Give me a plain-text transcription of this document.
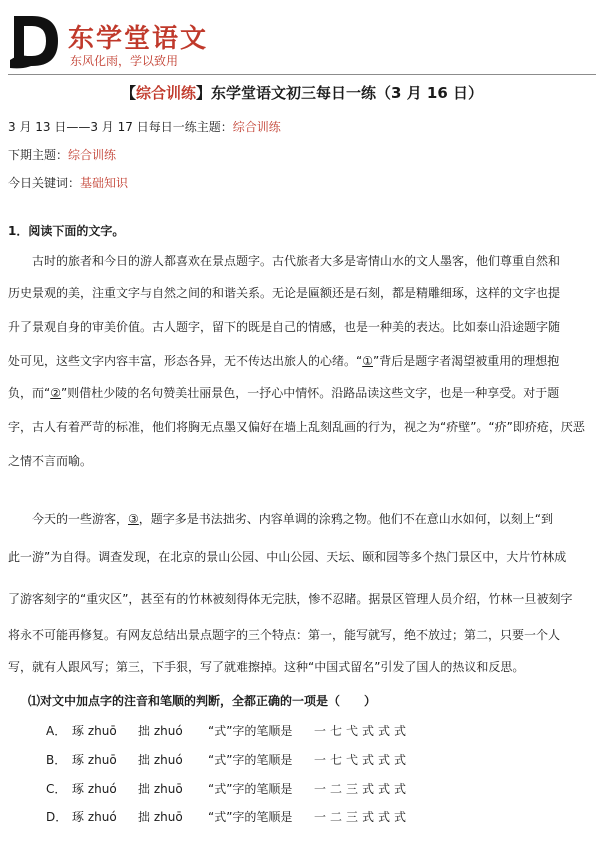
东学堂语文
东风化雨，学以致用
【综合训练】东学堂语文初三每日一练（3 月 16 日）
3 月 13 日——3 月 17 日每日一练主题：综合训练
下期主题：综合训练
今日关键词：基础知识
1．阅读下面的文字。
古时的旅者和今日的游人都喜欢在景点题字。古代旅者大多是寄情山水的文人墨客，他们尊重自然和
历史景观的美，注重文字与自然之间的和谐关系。无论是匾额还是石刻，都是精雕细琢，这样的文字也提
升了景观自身的审美价值。古人题字，留下的既是自己的情感，也是一种美的表达。比如泰山沿途题字随
处可见，这些文字内容丰富，形态各异，无不传达出旅人的心绪。“①”背后是题字者渴望被重用的理想抱
负，而“②”则借杜少陵的名句赞美壮丽景色，一抒心中情怀。沿路品读这些文字，也是一种享受。对于题
字，古人有着严苛的标准，他们将胸无点墨又偏好在墙上乱刻乱画的行为，视之为“疥壁”。“疥”即疥疮，厌恶
之情不言而喻。
今天的一些游客，③，题字多是书法拙劣、内容单调的涂鸦之物。他们不在意山水如何，以刻上“到
此一游”为自得。调查发现，在北京的景山公园、中山公园、天坛、颐和园等多个热门景区中，大片竹林成
了游客刻字的“重灾区”，甚至有的竹林被刻得体无完肤，惨不忍睹。据景区管理人员介绍，竹林一旦被刻字
将永不可能再修复。有网友总结出景点题字的三个特点：第一，能写就写，绝不放过；第二，只要一个人
写，就有人跟风写；第三，下手狠，写了就难擦掉。这种“中国式留名”引发了国人的热议和反思。
⑴对文中加点字的注音和笔顺的判断，全都正确的一项是（　　）
A． 琢 zhuō 拙 zhuó “式”字的笔顺是 一七弋式式式
B． 琢 zhuō 拙 zhuó “式”字的笔顺是 一七弋式式式
C． 琢 zhuó 拙 zhuō “式”字的笔顺是 一二三式式式
D． 琢 zhuó 拙 zhuō “式”字的笔顺是 一二三式式式
